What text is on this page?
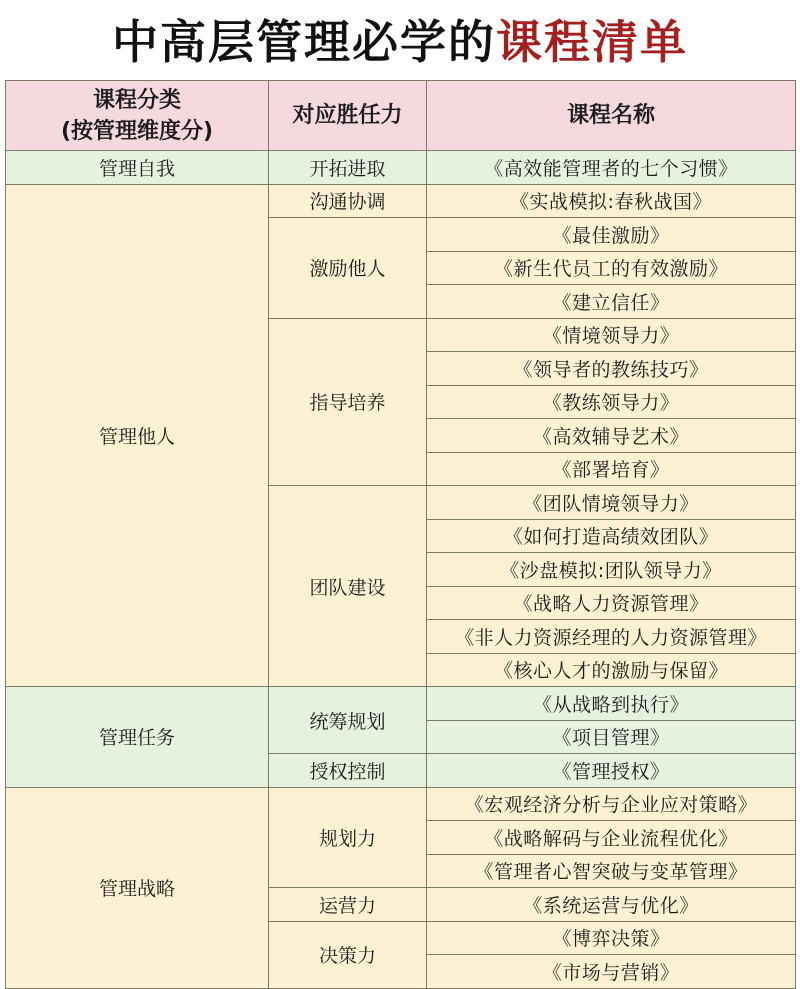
中高层管理必学的课程清单
课程分类
(按管理维度分)	对应胜任力	课程名称
管理自我	开拓进取	《高效能管理者的七个习惯》
管理他人	沟通协调	《实战模拟:春秋战国》
	激励他人	《最佳激励》
		《新生代员工的有效激励》
		《建立信任》
	指导培养	《情境领导力》
		《领导者的教练技巧》
		《教练领导力》
		《高效辅导艺术》
		《部署培育》
	团队建设	《团队情境领导力》
		《如何打造高绩效团队》
		《沙盘模拟:团队领导力》
		《战略人力资源管理》
		《非人力资源经理的人力资源管理》
		《核心人才的激励与保留》
管理任务	统筹规划	《从战略到执行》
		《项目管理》
	授权控制	《管理授权》
管理战略	规划力	《宏观经济分析与企业应对策略》
		《战略解码与企业流程优化》
		《管理者心智突破与变革管理》
	运营力	《系统运营与优化》
	决策力	《博弈决策》
		《市场与营销》
